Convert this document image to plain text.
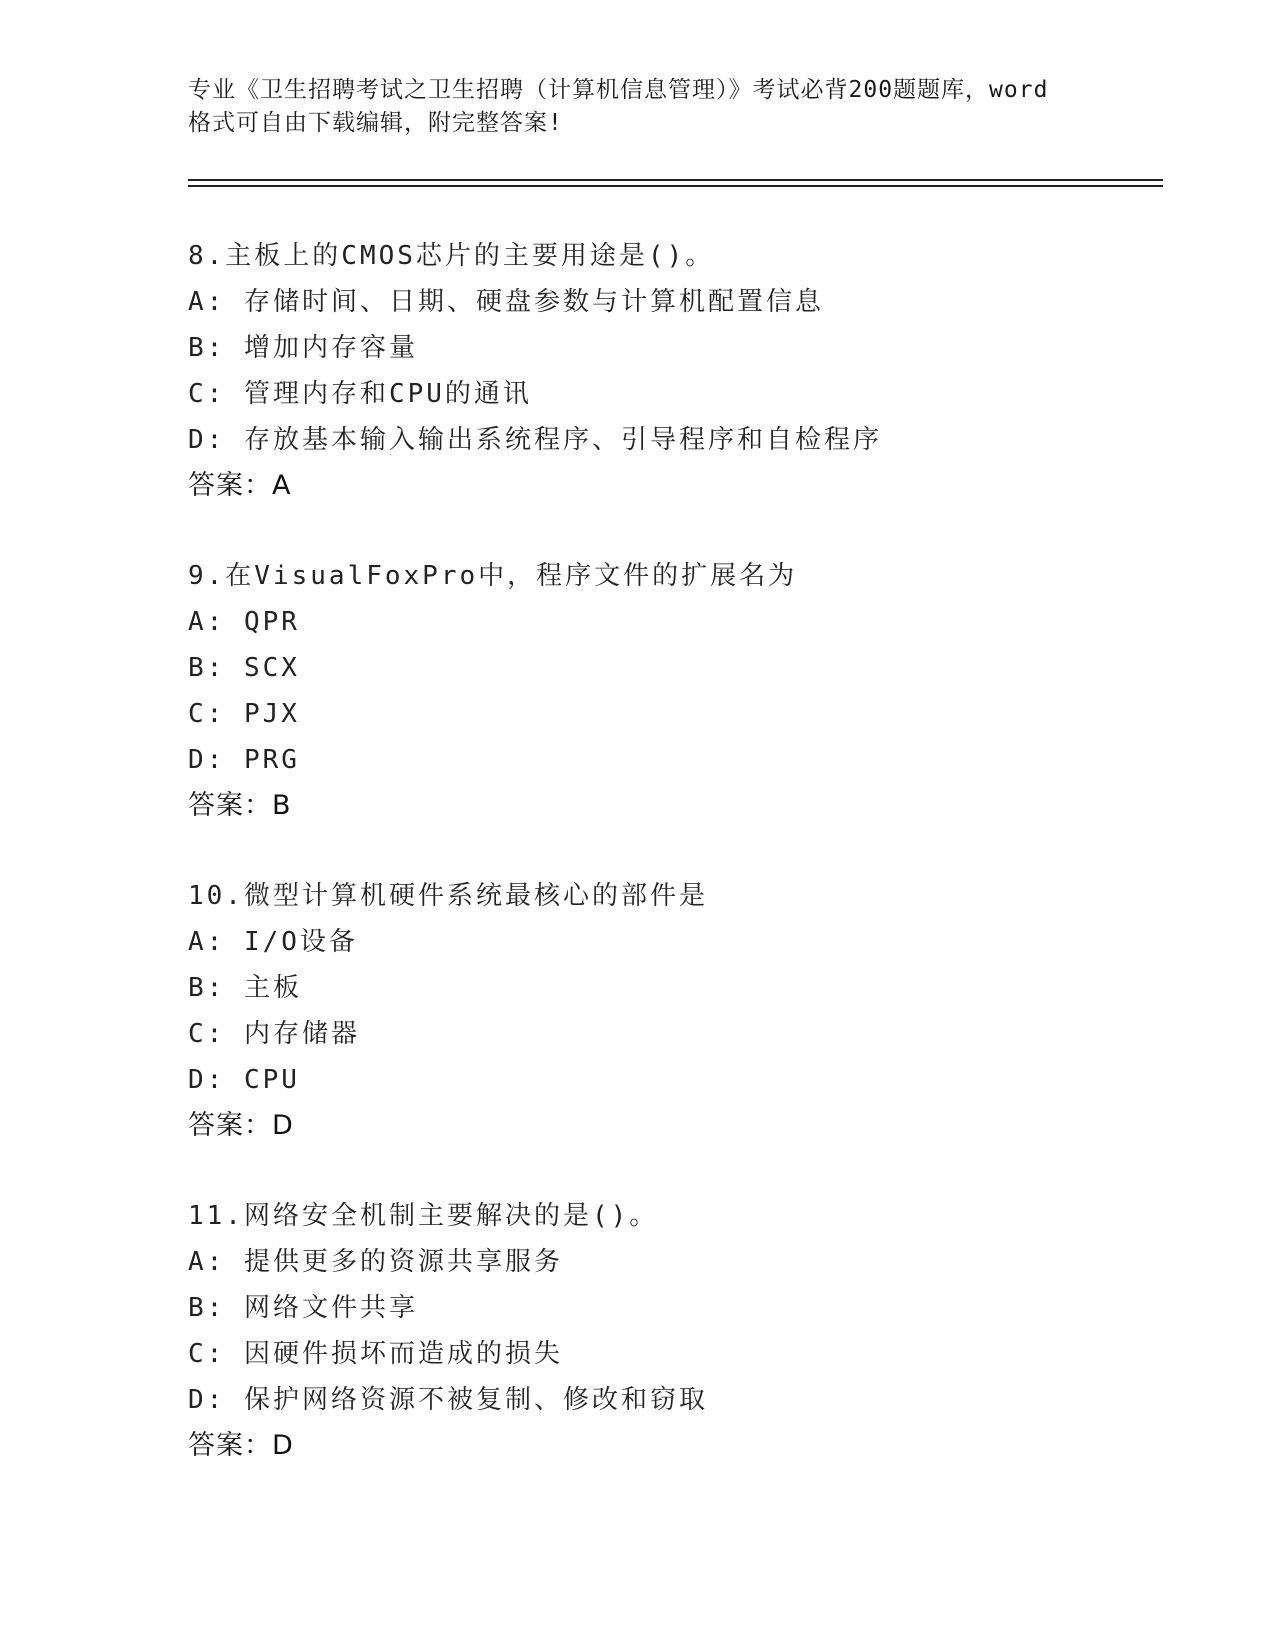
专业《卫生招聘考试之卫生招聘（计算机信息管理）》考试必背200题题库，word
格式可自由下载编辑，附完整答案!
8.主板上的CMOS芯片的主要用途是()。
A: 存储时间、日期、硬盘参数与计算机配置信息
B: 增加内存容量
C: 管理内存和CPU的通讯
D: 存放基本输入输出系统程序、引导程序和自检程序
答案：A
9.在VisualFoxPro中，程序文件的扩展名为
A: QPR
B: SCX
C: PJX
D: PRG
答案：B
10.微型计算机硬件系统最核心的部件是
A: I/O设备
B: 主板
C: 内存储器
D: CPU
答案：D
11.网络安全机制主要解决的是()。
A: 提供更多的资源共享服务
B: 网络文件共享
C: 因硬件损坏而造成的损失
D: 保护网络资源不被复制、修改和窃取
答案：D
